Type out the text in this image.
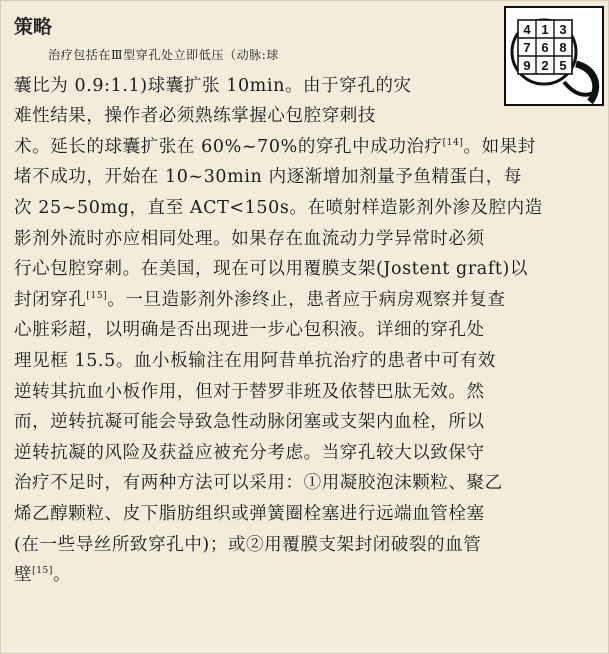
策略	4 1 3
7 6 8
9 2 5
治疗包括在Ⅲ型穿孔处立即低压（动脉:球
囊比为 0.9:1.1)球囊扩张 10min。由于穿孔的灾
难性结果，操作者必须熟练掌握心包腔穿刺技
术。延长的球囊扩张在 60%~70%的穿孔中成功治疗[14]。如果封
堵不成功，开始在 10~30min 内逐渐增加剂量予鱼精蛋白，每
次 25~50mg，直至 ACT<150s。在喷射样造影剂外渗及腔内造
影剂外流时亦应相同处理。如果存在血流动力学异常时必须
行心包腔穿刺。在美国，现在可以用覆膜支架(Jostent graft)以
封闭穿孔[15]。一旦造影剂外渗终止，患者应于病房观察并复查
心脏彩超，以明确是否出现进一步心包积液。详细的穿孔处
理见框 15.5。血小板输注在用阿昔单抗治疗的患者中可有效
逆转其抗血小板作用，但对于替罗非班及依替巴肽无效。然
而，逆转抗凝可能会导致急性动脉闭塞或支架内血栓，所以
逆转抗凝的风险及获益应被充分考虑。当穿孔较大以致保守
治疗不足时，有两种方法可以采用：①用凝胶泡沫颗粒、聚乙
烯乙醇颗粒、皮下脂肪组织或弹簧圈栓塞进行远端血管栓塞
(在一些导丝所致穿孔中)；或②用覆膜支架封闭破裂的血管
壁[15]。
